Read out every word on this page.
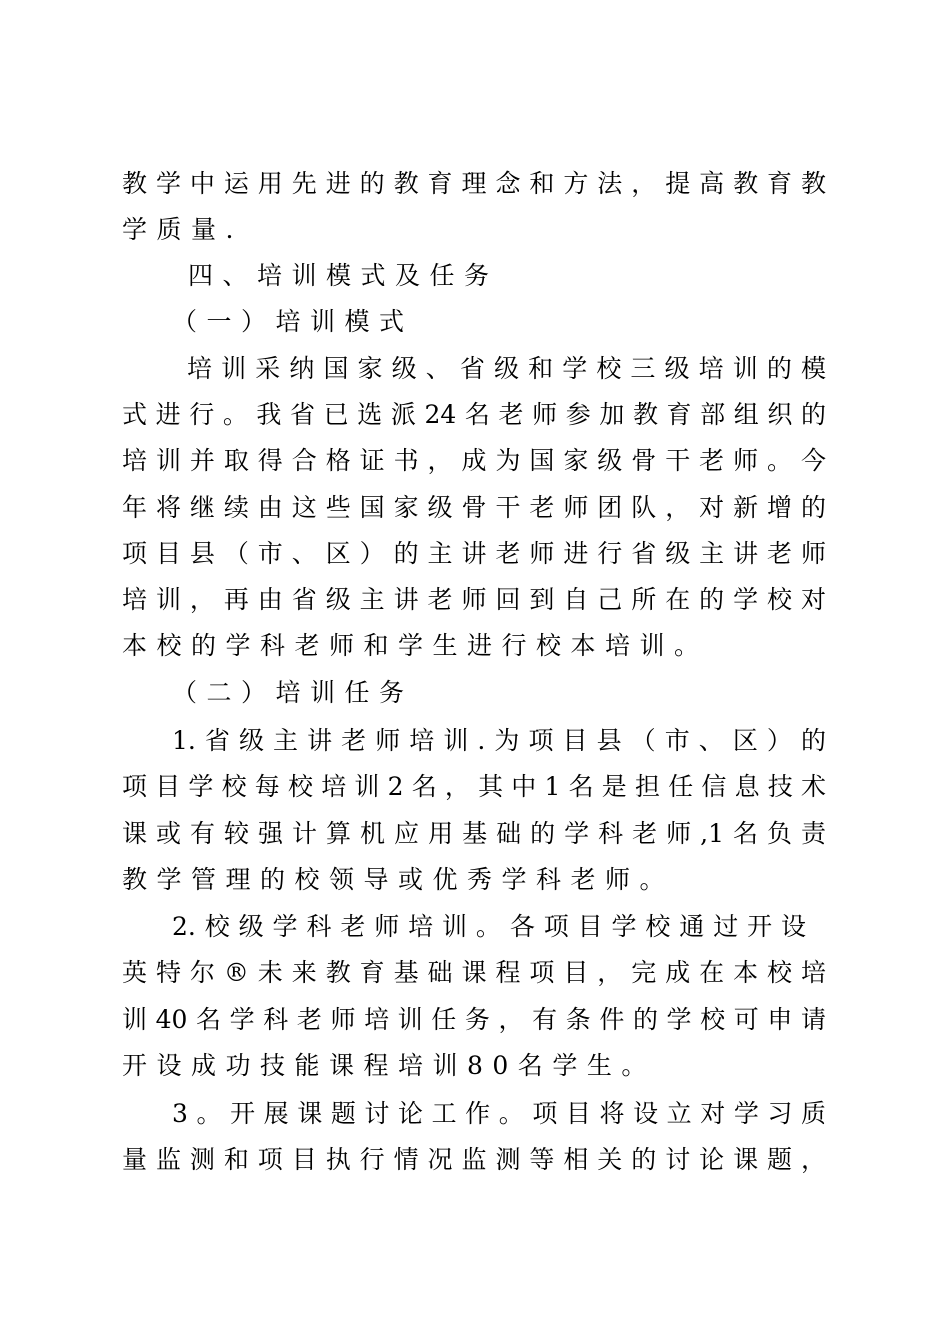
教学中运用先进的教育理念和方法，提高教育教
学质量.
四、培训模式及任务
（一）培训模式
培训采纳国家级、省级和学校三级培训的模
式进行。我省已选派24名老师参加教育部组织的
培训并取得合格证书，成为国家级骨干老师。今
年将继续由这些国家级骨干老师团队，对新增的
项目县（市、区）的主讲老师进行省级主讲老师
培训，再由省级主讲老师回到自己所在的学校对
本校的学科老师和学生进行校本培训。
（二）培训任务
1.省级主讲老师培训.为项目县（市、区）的
项目学校每校培训2名，其中1名是担任信息技术
课或有较强计算机应用基础的学科老师,1名负责
教学管理的校领导或优秀学科老师。
2.校级学科老师培训。各项目学校通过开设
英特尔®未来教育基础课程项目，完成在本校培
训40名学科老师培训任务，有条件的学校可申请
开设成功技能课程培训80名学生。
3。开展课题讨论工作。项目将设立对学习质
量监测和项目执行情况监测等相关的讨论课题，
